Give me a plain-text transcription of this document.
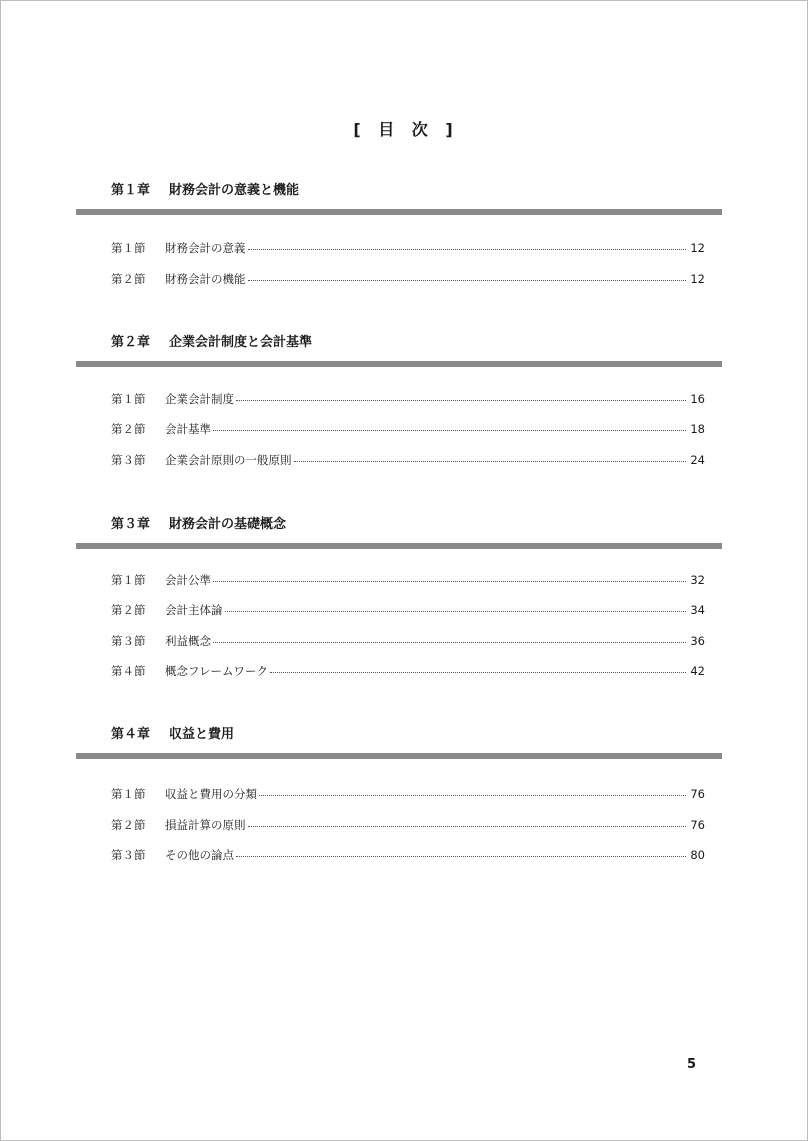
[ 目 次 ]
第１章 財務会計の意義と機能
第１節	財務会計の意義	12
第２節	財務会計の機能	12
第２章 企業会計制度と会計基準
第１節	企業会計制度	16
第２節	会計基準	18
第３節	企業会計原則の一般原則	24
第３章 財務会計の基礎概念
第１節	会計公準	32
第２節	会計主体論	34
第３節	利益概念	36
第４節	概念フレームワーク	42
第４章 収益と費用
第１節	収益と費用の分類	76
第２節	損益計算の原則	76
第３節	その他の論点	80
5
